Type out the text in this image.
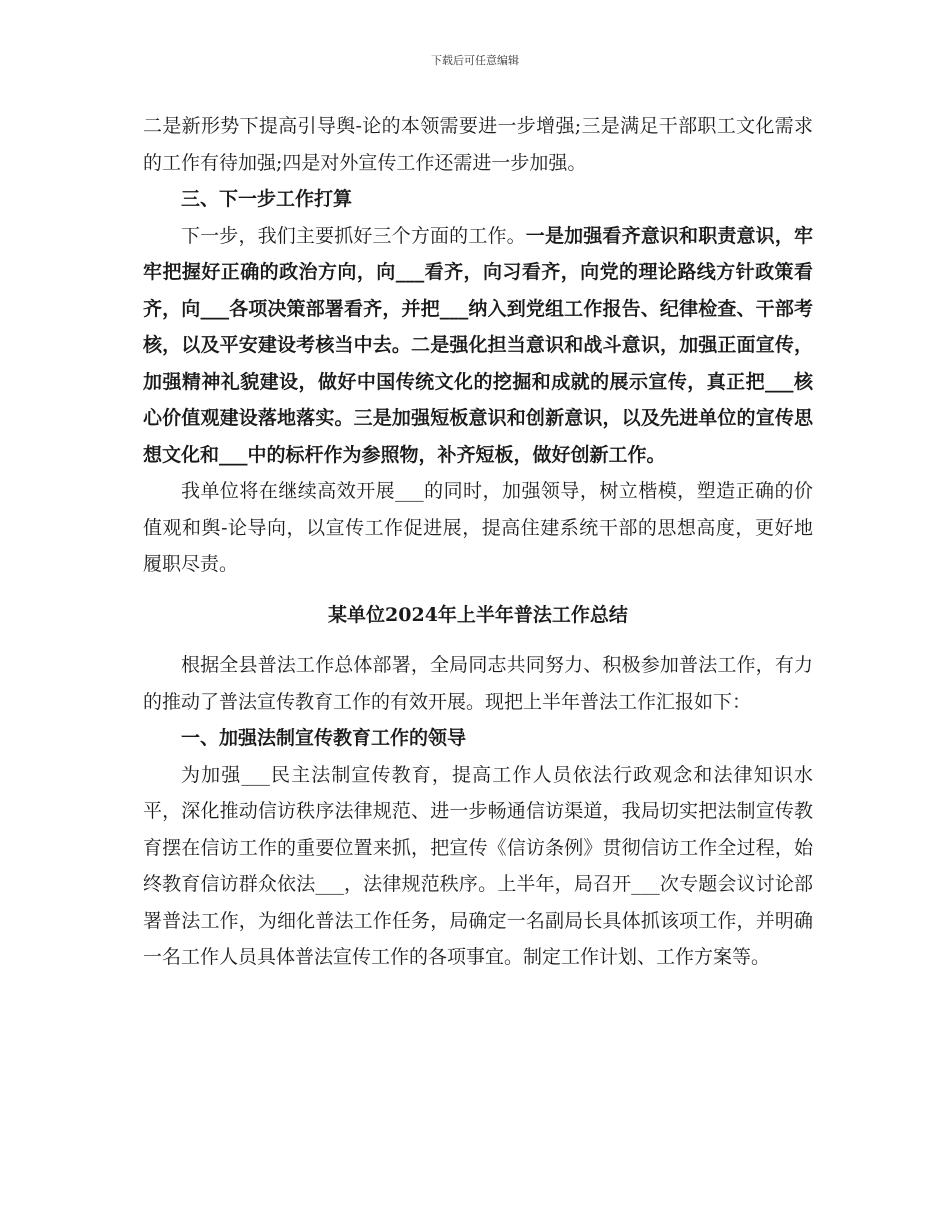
下载后可任意编辑

二是新形势下提高引导舆-论的本领需要进一步增强;三是满足干部职工文化需求的工作有待加强;四是对外宣传工作还需进一步加强。

三、下一步工作打算

下一步，我们主要抓好三个方面的工作。一是加强看齐意识和职责意识，牢牢把握好正确的政治方向，向___看齐，向习看齐，向党的理论路线方针政策看齐，向___各项决策部署看齐，并把___纳入到党组工作报告、纪律检查、干部考核，以及平安建设考核当中去。二是强化担当意识和战斗意识，加强正面宣传，加强精神礼貌建设，做好中国传统文化的挖掘和成就的展示宣传，真正把___核心价值观建设落地落实。三是加强短板意识和创新意识，以及先进单位的宣传思想文化和___中的标杆作为参照物，补齐短板，做好创新工作。

我单位将在继续高效开展___的同时，加强领导，树立楷模，塑造正确的价值观和舆-论导向，以宣传工作促进展，提高住建系统干部的思想高度，更好地履职尽责。

某单位2024年上半年普法工作总结

根据全县普法工作总体部署，全局同志共同努力、积极参加普法工作，有力的推动了普法宣传教育工作的有效开展。现把上半年普法工作汇报如下：

一、加强法制宣传教育工作的领导

为加强___民主法制宣传教育，提高工作人员依法行政观念和法律知识水平，深化推动信访秩序法律规范、进一步畅通信访渠道，我局切实把法制宣传教育摆在信访工作的重要位置来抓，把宣传《信访条例》贯彻信访工作全过程，始终教育信访群众依法___，法律规范秩序。上半年，局召开___次专题会议讨论部署普法工作，为细化普法工作任务，局确定一名副局长具体抓该项工作，并明确一名工作人员具体普法宣传工作的各项事宜。制定工作计划、工作方案等。
